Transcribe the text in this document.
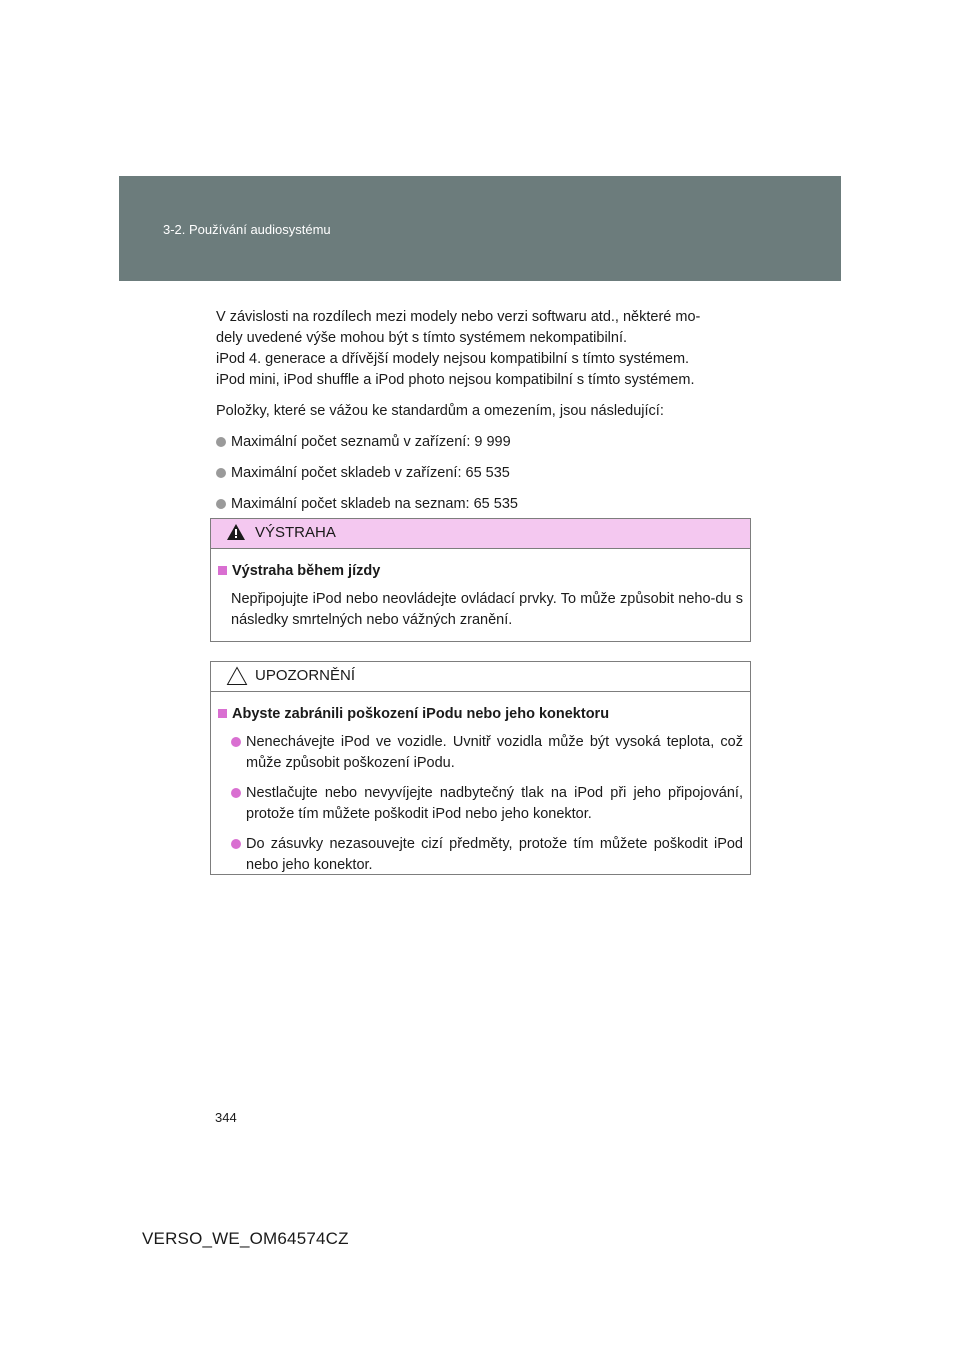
3-2. Používání audiosystému

V závislosti na rozdílech mezi modely nebo verzi softwaru atd., některé mo-

dely uvedené výše mohou být s tímto systémem nekompatibilní.

iPod 4. generace a dřívější modely nejsou kompatibilní s tímto systémem.

iPod mini, iPod shuffle a iPod photo nejsou kompatibilní s tímto systémem.

Položky, které se vážou ke standardům a omezením, jsou následující:

Maximální počet seznamů v zařízení: 9 999
Maximální počet skladeb v zařízení: 65 535
Maximální počet skladeb na seznam: 65 535
VÝSTRAHA

Výstraha během jízdy

Nepřipojujte iPod nebo neovládejte ovládací prvky. To může způsobit neho-du s následky smrtelných nebo vážných zranění.

UPOZORNĚNÍ

Abyste zabránili poškození iPodu nebo jeho konektoru

Nenechávejte iPod ve vozidle. Uvnitř vozidla může být vysoká teplota, což může způsobit poškození iPodu.
Nestlačujte nebo nevyvíjejte nadbytečný tlak na iPod při jeho připojování, protože tím můžete poškodit iPod nebo jeho konektor.
Do zásuvky nezasouvejte cizí předměty, protože tím můžete poškodit iPod nebo jeho konektor.
344
VERSO_WE_OM64574CZ
